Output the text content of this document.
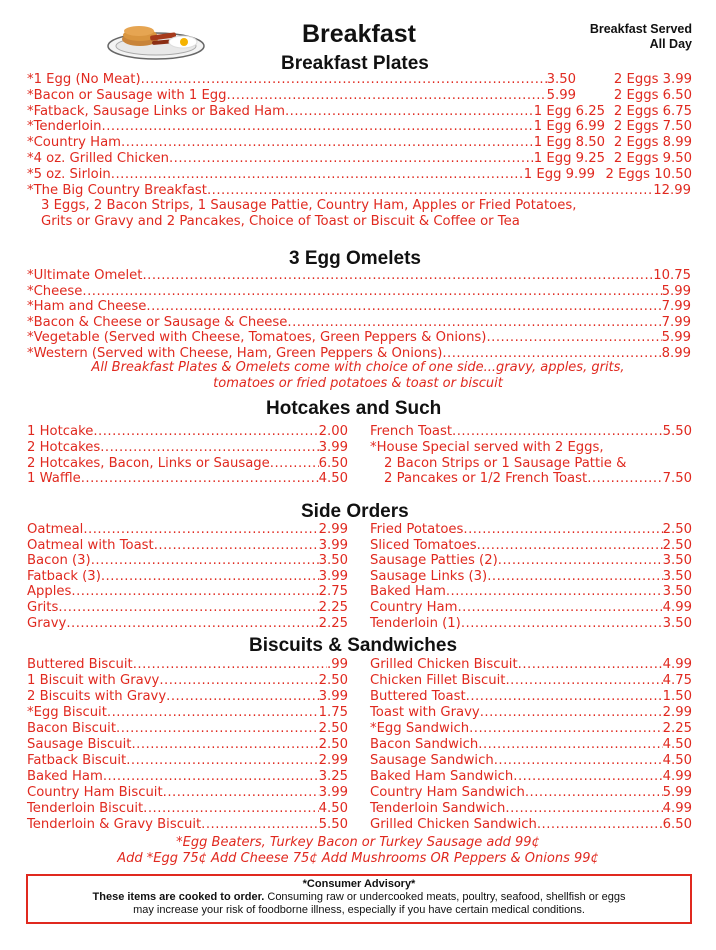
Breakfast	Breakfast Served
All Day
Breakfast Plates
*1 Egg (No Meat) .....	3.50	2 Eggs 3.99
*Bacon or Sausage with 1 Egg .....	5.99	2 Eggs 6.50
*Fatback, Sausage Links or Baked Ham .....	1 Egg 6.25 2 Eggs 6.75
*Tenderloin .....	1 Egg 6.99 2 Eggs 7.50
*Country Ham .....	1 Egg 8.50 2 Eggs 8.99
*4 oz. Grilled Chicken .....	1 Egg 9.25 2 Eggs 9.50
*5 oz. Sirloin .....	1 Egg 9.99 2 Eggs 10.50
*The Big Country Breakfast .....	12.99
3 Eggs, 2 Bacon Strips, 1 Sausage Pattie, Country Ham, Apples or Fried Potatoes,
Grits or Gravy and 2 Pancakes, Choice of Toast or Biscuit & Coffee or Tea
3 Egg Omelets
*Ultimate Omelet .....	10.75
*Cheese .....	5.99
*Ham and Cheese .....	7.99
*Bacon & Cheese or Sausage & Cheese .....	7.99
*Vegetable (Served with Cheese, Tomatoes, Green Peppers & Onions) .....	5.99
*Western (Served with Cheese, Ham, Green Peppers & Onions) .....	8.99
All Breakfast Plates & Omelets come with choice of one side...gravy, apples, grits,
tomatoes or fried potatoes & toast or biscuit
Hotcakes and Such
1 Hotcake .....	2.00
2 Hotcakes .....	3.99
2 Hotcakes, Bacon, Links or Sausage .....	6.50
1 Waffle .....	4.50
French Toast .....	5.50
*House Special served with 2 Eggs,
2 Bacon Strips or 1 Sausage Pattie &
2 Pancakes or 1/2 French Toast .....	7.50
Side Orders
Oatmeal .....	2.99
Oatmeal with Toast .....	3.99
Bacon (3) .....	3.50
Fatback (3) .....	3.99
Apples .....	2.75
Grits .....	2.25
Gravy .....	2.25
Fried Potatoes .....	2.50
Sliced Tomatoes .....	2.50
Sausage Patties (2) .....	3.50
Sausage Links (3) .....	3.50
Baked Ham .....	3.50
Country Ham .....	4.99
Tenderloin (1) .....	3.50
Biscuits & Sandwiches
Buttered Biscuit .....	.99
1 Biscuit with Gravy .....	2.50
2 Biscuits with Gravy .....	3.99
*Egg Biscuit .....	1.75
Bacon Biscuit .....	2.50
Sausage Biscuit .....	2.50
Fatback Biscuit .....	2.99
Baked Ham .....	3.25
Country Ham Biscuit .....	3.99
Tenderloin Biscuit .....	4.50
Tenderloin & Gravy Biscuit .....	5.50
Grilled Chicken Biscuit .....	4.99
Chicken Fillet Biscuit .....	4.75
Buttered Toast .....	1.50
Toast with Gravy .....	2.99
*Egg Sandwich .....	2.25
Bacon Sandwich .....	4.50
Sausage Sandwich .....	4.50
Baked Ham Sandwich .....	4.99
Country Ham Sandwich .....	5.99
Tenderloin Sandwich .....	4.99
Grilled Chicken Sandwich .....	6.50
*Egg Beaters, Turkey Bacon or Turkey Sausage add 99¢
Add *Egg 75¢ Add Cheese 75¢ Add Mushrooms OR Peppers & Onions 99¢
*Consumer Advisory*
These items are cooked to order. Consuming raw or undercooked meats, poultry, seafood, shellfish or eggs
may increase your risk of foodborne illness, especially if you have certain medical conditions.
